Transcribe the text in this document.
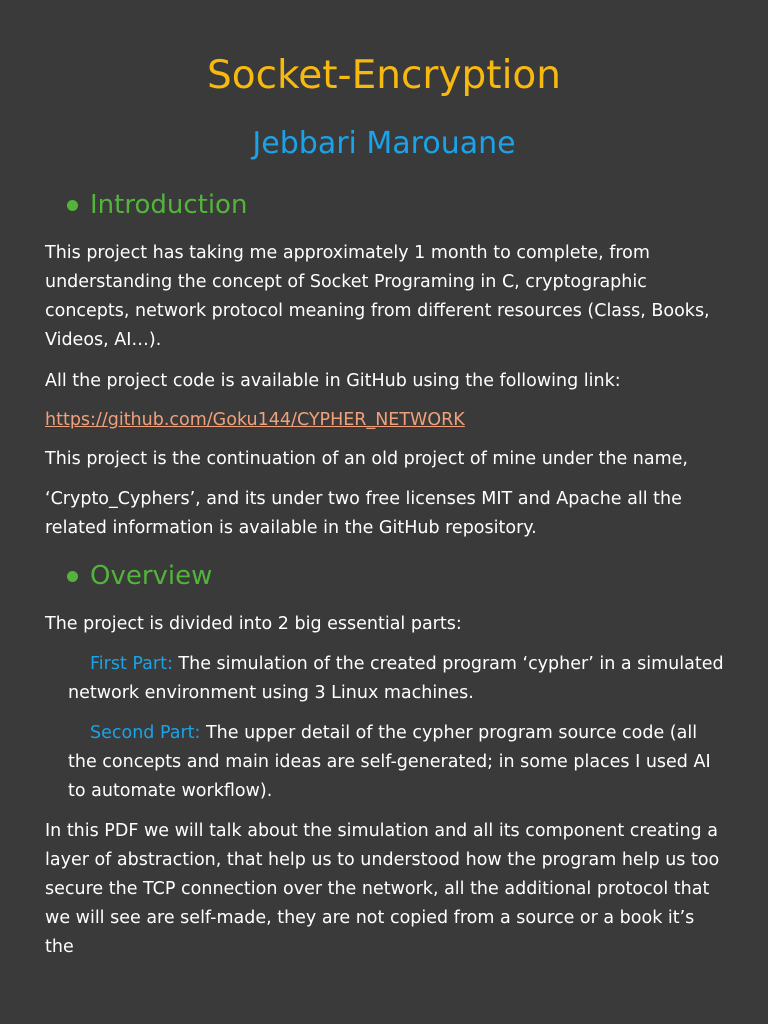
Socket-Encryption
Jebbari Marouane
Introduction
This project has taking me approximately 1 month to complete, from understanding the concept of Socket Programing in C, cryptographic concepts, network protocol meaning from different resources (Class, Books, Videos, AI…).
All the project code is available in GitHub using the following link:
https://github.com/Goku144/CYPHER_NETWORK
This project is the continuation of an old project of mine under the name,
‘Crypto_Cyphers’, and its under two free licenses MIT and Apache all the related information is available in the GitHub repository.
Overview
The project is divided into 2 big essential parts:
First Part: The simulation of the created program ‘cypher’ in a simulated network environment using 3 Linux machines.
Second Part: The upper detail of the cypher program source code (all the concepts and main ideas are self-generated; in some places I used AI to automate workflow).
In this PDF we will talk about the simulation and all its component creating a layer of abstraction, that help us to understood how the program help us too secure the TCP connection over the network, all the additional protocol that we will see are self-made, they are not copied from a source or a book it’s the
